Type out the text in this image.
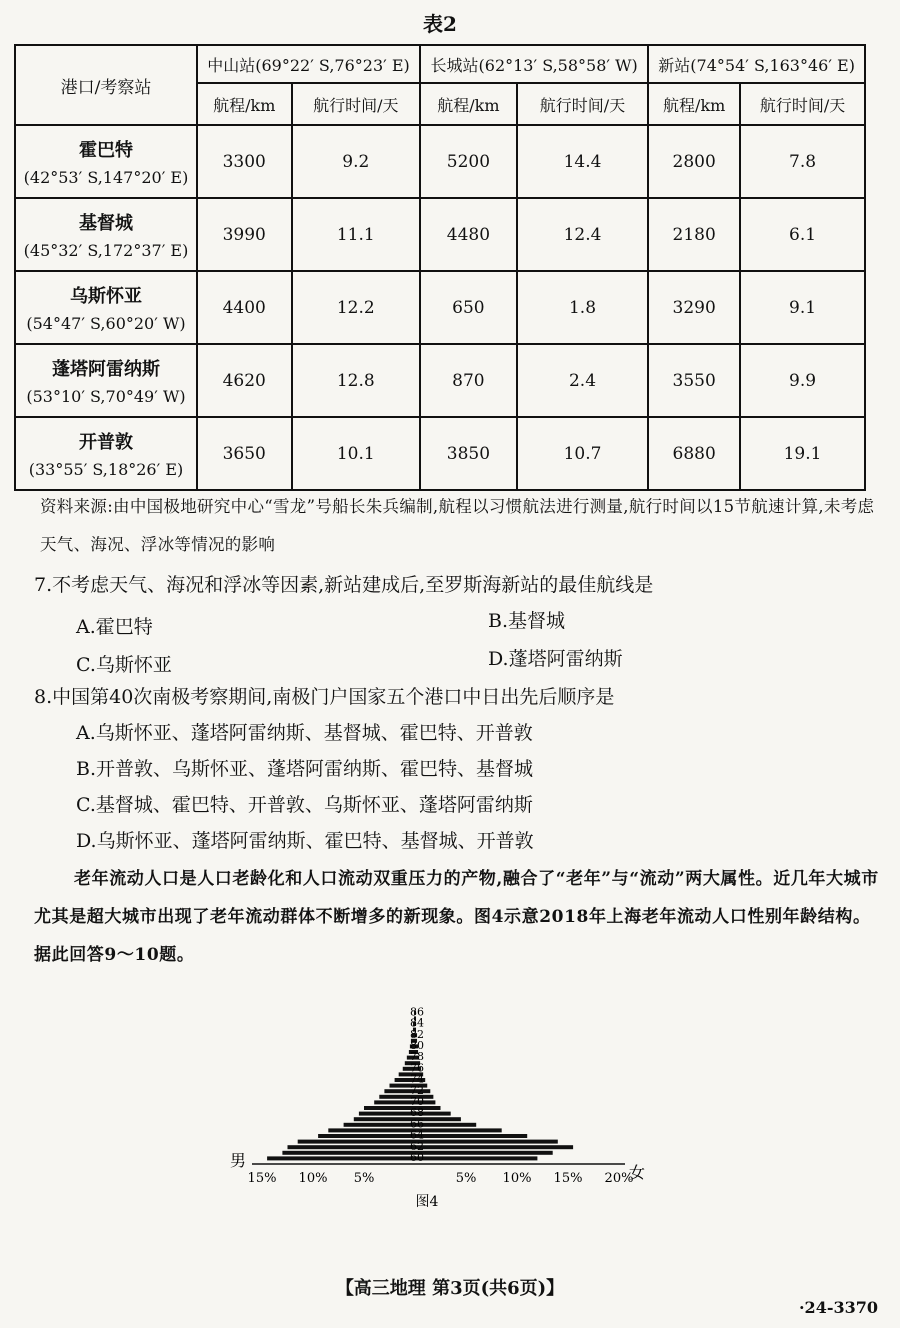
表2
港口/考察站	中山站(69°22′ S,76°23′ E)		长城站(62°13′ S,58°58′ W)		新站(74°54′ S,163°46′ E)	
	航程/km	航行时间/天	航程/km	航行时间/天	航程/km	航行时间/天

霍巴特
(42°53′ S,147°20′ E)	3300	9.2	5200	14.4	2800	7.8

基督城
(45°32′ S,172°37′ E)	3990	11.1	4480	12.4	2180	6.1

乌斯怀亚
(54°47′ S,60°20′ W)	4400	12.2	650	1.8	3290	9.1

蓬塔阿雷纳斯
(53°10′ S,70°49′ W)	4620	12.8	870	2.4	3550	9.9

开普敦
(33°55′ S,18°26′ E)	3650	10.1	3850	10.7	6880	19.1
资料来源:由中国极地研究中心“雪龙”号船长朱兵编制,航程以习惯航法进行测量,航行时间以15节航速计算,未考虑天气、海况、浮冰等情况的影响
7.不考虑天气、海况和浮冰等因素,新站建成后,至罗斯海新站的最佳航线是
A.霍巴特	B.基督城
C.乌斯怀亚	D.蓬塔阿雷纳斯
8.中国第40次南极考察期间,南极门户国家五个港口中日出先后顺序是
A.乌斯怀亚、蓬塔阿雷纳斯、基督城、霍巴特、开普敦
B.开普敦、乌斯怀亚、蓬塔阿雷纳斯、霍巴特、基督城
C.基督城、霍巴特、开普敦、乌斯怀亚、蓬塔阿雷纳斯
D.乌斯怀亚、蓬塔阿雷纳斯、霍巴特、基督城、开普敦
老年流动人口是人口老龄化和人口流动双重压力的产物,融合了“老年”与“流动”两大属性。近几年大城市尤其是超大城市出现了老年流动群体不断增多的新现象。图4示意2018年上海老年流动人口性别年龄结构。据此回答9～10题。
86
84
82
80
78
76
74
72
70
68
66
64
62
60
15% 10% 5%	5% 10% 15% 20%
男
女
图4
【高三地理 第3页(共6页)】
·24-3370
